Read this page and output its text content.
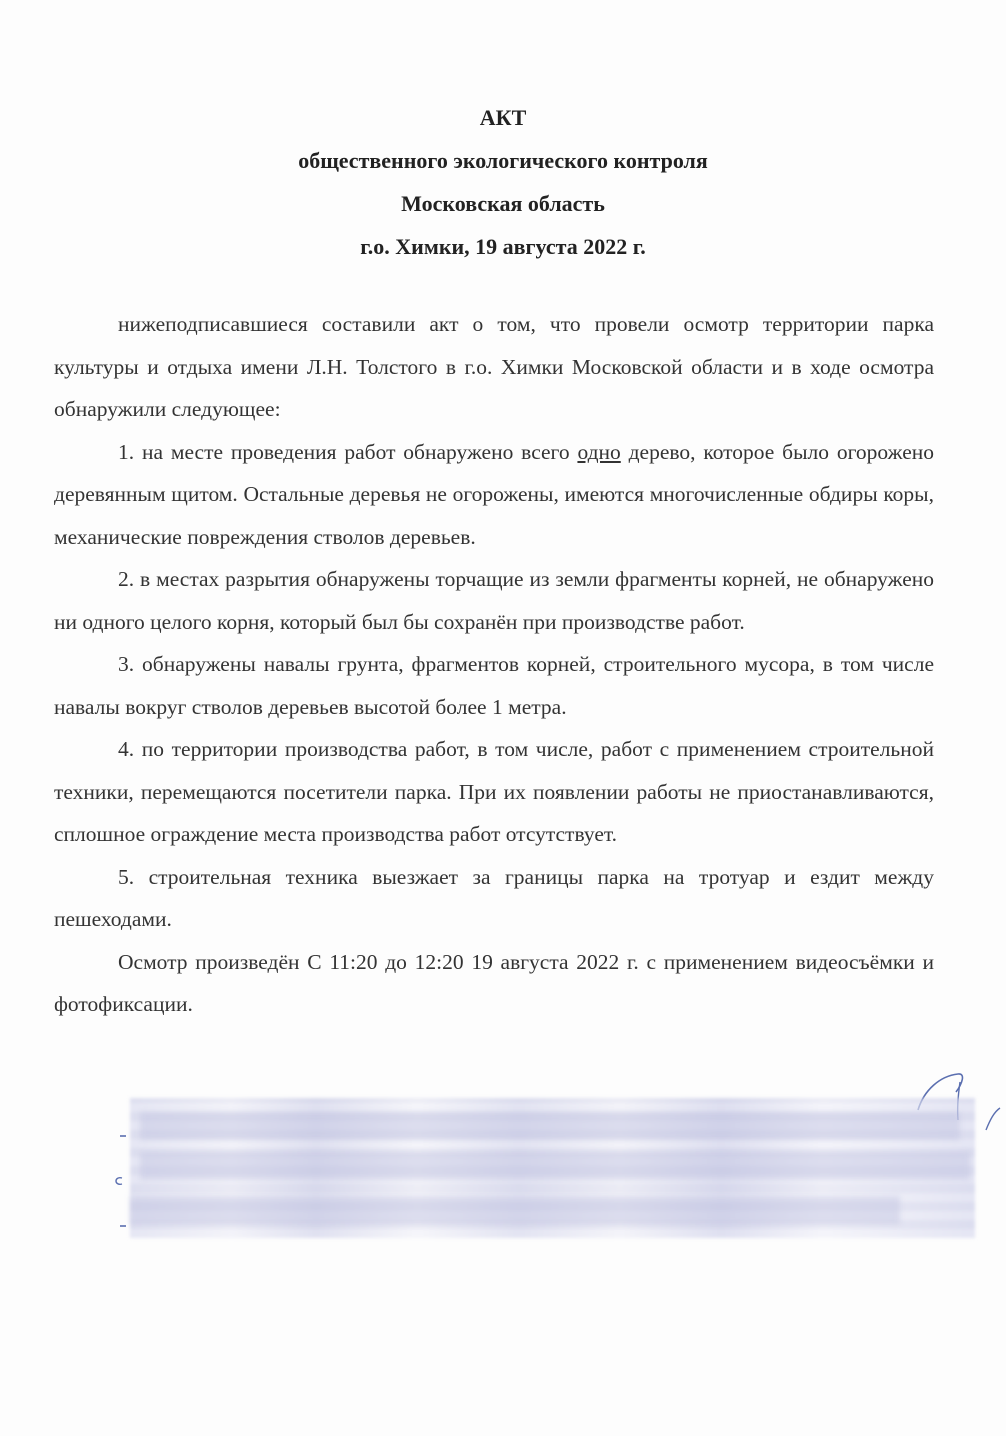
АКТ
общественного экологического контроля
Московская область
г.о. Химки, 19 августа 2022 г.

нижеподписавшиеся составили акт о том, что провели осмотр территории парка культуры и отдыха имени Л.Н. Толстого в г.о. Химки Московской области и в ходе осмотра обнаружили следующее:

1. на месте проведения работ обнаружено всего одно дерево, которое было огорожено деревянным щитом. Остальные деревья не огорожены, имеются многочисленные обдиры коры, механические повреждения стволов деревьев.

2. в местах разрытия обнаружены торчащие из земли фрагменты корней, не обнаружено ни одного целого корня, который был бы сохранён при производстве работ.

3. обнаружены навалы грунта, фрагментов корней, строительного мусора, в том числе навалы вокруг стволов деревьев высотой более 1 метра.

4. по территории производства работ, в том числе, работ с применением строительной техники, перемещаются посетители парка. При их появлении работы не приостанавливаются, сплошное ограждение места производства работ отсутствует.

5. строительная техника выезжает за границы парка на тротуар и ездит между пешеходами.

Осмотр произведён С 11:20 до 12:20 19 августа 2022 г. с применением видеосъёмки и фотофиксации.
